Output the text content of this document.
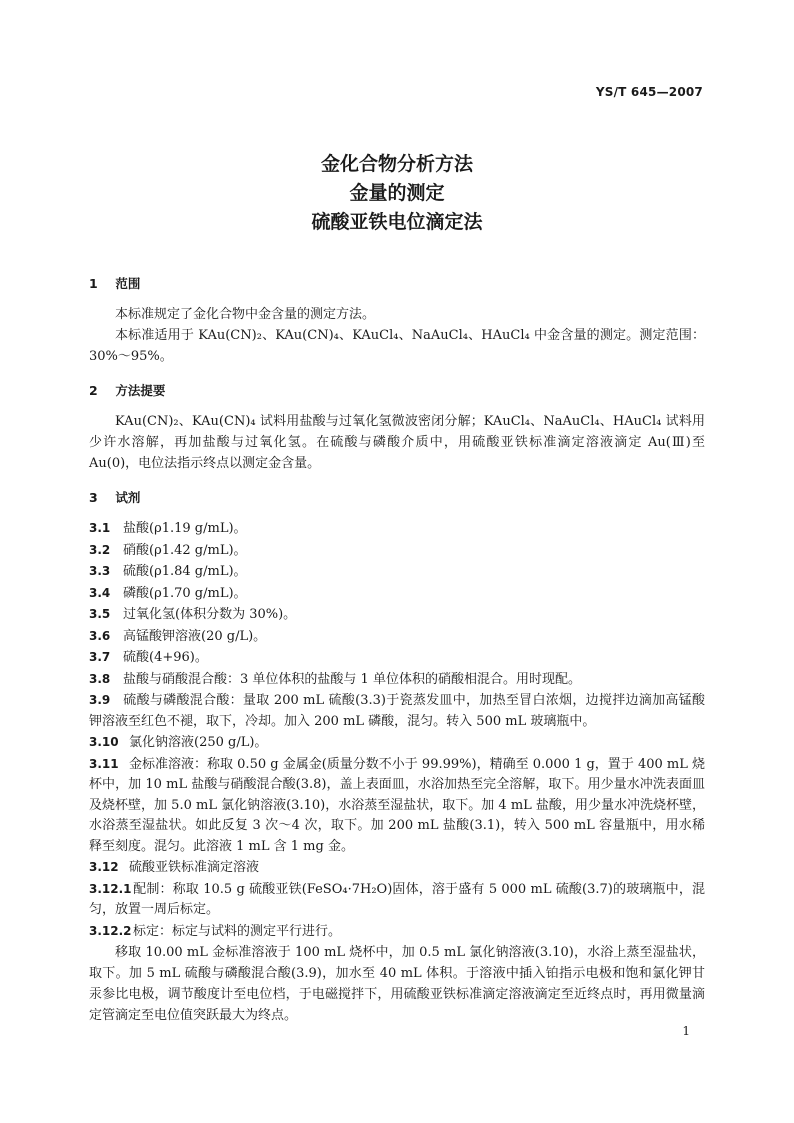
YS/T 645—2007
金化合物分析方法
金量的测定
硫酸亚铁电位滴定法
1 范围
本标准规定了金化合物中金含量的测定方法。
本标准适用于 KAu(CN)₂、KAu(CN)₄、KAuCl₄、NaAuCl₄、HAuCl₄ 中金含量的测定。测定范围：30%～95%。
2 方法提要
KAu(CN)₂、KAu(CN)₄ 试料用盐酸与过氧化氢微波密闭分解；KAuCl₄、NaAuCl₄、HAuCl₄ 试料用少许水溶解，再加盐酸与过氧化氢。在硫酸与磷酸介质中，用硫酸亚铁标准滴定溶液滴定 Au(Ⅲ)至 Au(0)，电位法指示终点以测定金含量。
3 试剂
3.1 盐酸(ρ1.19 g/mL)。
3.2 硝酸(ρ1.42 g/mL)。
3.3 硫酸(ρ1.84 g/mL)。
3.4 磷酸(ρ1.70 g/mL)。
3.5 过氧化氢(体积分数为 30%)。
3.6 高锰酸钾溶液(20 g/L)。
3.7 硫酸(4+96)。
3.8 盐酸与硝酸混合酸：3 单位体积的盐酸与 1 单位体积的硝酸相混合。用时现配。
3.9 硫酸与磷酸混合酸：量取 200 mL 硫酸(3.3)于瓷蒸发皿中，加热至冒白浓烟，边搅拌边滴加高锰酸钾溶液至红色不褪，取下，冷却。加入 200 mL 磷酸，混匀。转入 500 mL 玻璃瓶中。
3.10 氯化钠溶液(250 g/L)。
3.11 金标准溶液：称取 0.50 g 金属金(质量分数不小于 99.99%)，精确至 0.000 1 g，置于 400 mL 烧杯中，加 10 mL 盐酸与硝酸混合酸(3.8)，盖上表面皿，水浴加热至完全溶解，取下。用少量水冲洗表面皿及烧杯壁，加 5.0 mL 氯化钠溶液(3.10)，水浴蒸至湿盐状，取下。加 4 mL 盐酸，用少量水冲洗烧杯壁，水浴蒸至湿盐状。如此反复 3 次～4 次，取下。加 200 mL 盐酸(3.1)，转入 500 mL 容量瓶中，用水稀释至刻度。混匀。此溶液 1 mL 含 1 mg 金。
3.12 硫酸亚铁标准滴定溶液
3.12.1配制：称取 10.5 g 硫酸亚铁(FeSO₄·7H₂O)固体，溶于盛有 5 000 mL 硫酸(3.7)的玻璃瓶中，混匀，放置一周后标定。
3.12.2标定：标定与试料的测定平行进行。
移取 10.00 mL 金标准溶液于 100 mL 烧杯中，加 0.5 mL 氯化钠溶液(3.10)，水浴上蒸至湿盐状，取下。加 5 mL 硫酸与磷酸混合酸(3.9)，加水至 40 mL 体积。于溶液中插入铂指示电极和饱和氯化钾甘汞参比电极，调节酸度计至电位档，于电磁搅拌下，用硫酸亚铁标准滴定溶液滴定至近终点时，再用微量滴定管滴定至电位值突跃最大为终点。
1
